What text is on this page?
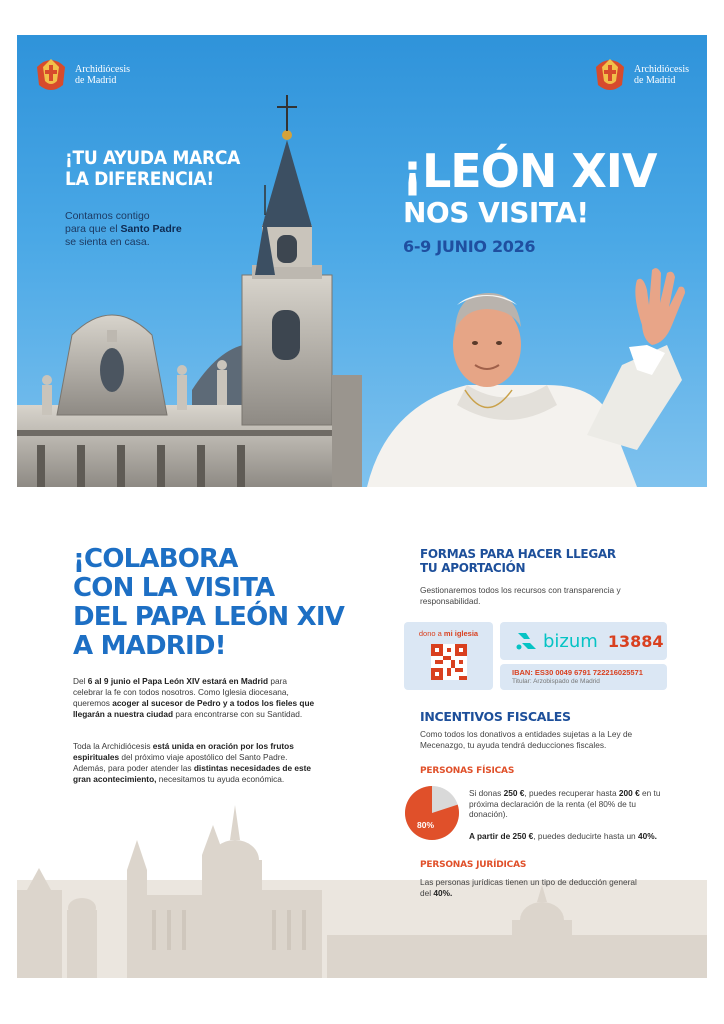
Archidiócesis
de Madrid
Archidiócesis
de Madrid
¡TU AYUDA MARCA
LA DIFERENCIA!
Contamos contigo
para que el Santo Padre
se sienta en casa.
¡LEÓN XIV
NOS VISITA!
6-9 JUNIO 2026
¡COLABORA
CON LA VISITA
DEL PAPA LEÓN XIV
A MADRID!
Del 6 al 9 junio el Papa León XIV estará en Madrid para celebrar la fe con todos nosotros. Como Iglesia diocesana, queremos acoger al sucesor de Pedro y a todos los fieles que llegarán a nuestra ciudad para encontrarse con su Santidad.
Toda la Archidiócesis está unida en oración por los frutos espirituales del próximo viaje apostólico del Santo Padre. Además, para poder atender las distintas necesidades de este gran acontecimiento, necesitamos tu ayuda económica.
FORMAS PARA HACER LLEGAR
TU APORTACIÓN
Gestionaremos todos los recursos con transparencia y responsabilidad.
dono a mi iglesia	bizum 13884
IBAN: ES30 0049 6791 722216025571
Titular: Arzobispado de Madrid
INCENTIVOS FISCALES
Como todos los donativos a entidades sujetas a la Ley de Mecenazgo, tu ayuda tendrá deducciones fiscales.
PERSONAS FÍSICAS
80%
Si donas 250 €, puedes recuperar hasta 200 € en tu próxima declaración de la renta (el 80% de tu donación).
A partir de 250 €, puedes deducirte hasta un 40%.
PERSONAS JURÍDICAS
Las personas jurídicas tienen un tipo de deducción general del 40%.
